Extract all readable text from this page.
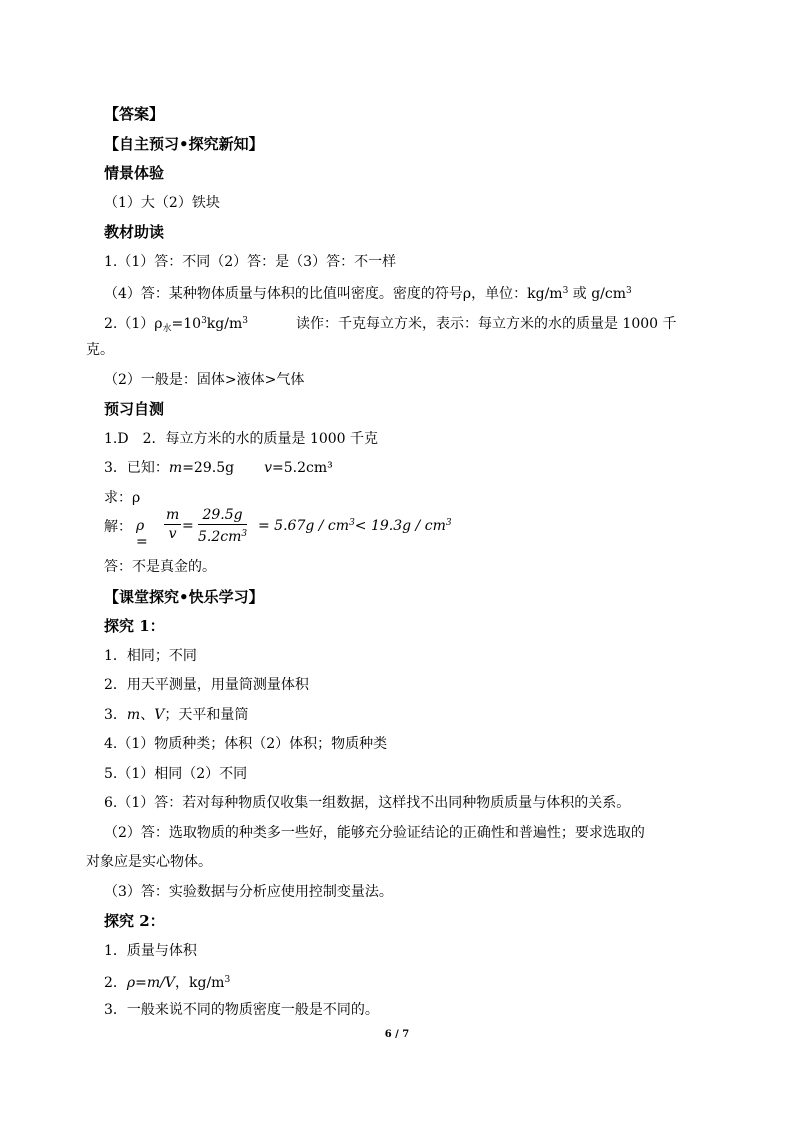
【答案】
【自主预习•探究新知】
情景体验
（1）大（2）铁块
教材助读
1.（1）答：不同（2）答：是（3）答：不一样
（4）答：某种物体质量与体积的比值叫密度。密度的符号ρ，单位：$kg/m^3$ 或 $g/cm^3$
$2.(1)\rho_水=10^3kg/m^3$	读作：千克每立方米，表示：每立方米的水的质量是 1000 千
克。
（2）一般是：固体>液体>气体
预习自测
1.D　2．每立方米的水的质量是 1000 千克
3．已知：m=29.5g v=5.2cm³
求：ρ
解： $\rho = \frac{m}{v} = \frac{29.5g}{5.2cm^3} = 5.67g / cm^3< 19.3g / cm^3$
答：不是真金的。
【课堂探究•快乐学习】
探究 1：
1．相同；不同
2．用天平测量，用量筒测量体积
3．m、V；天平和量筒
4.（1）物质种类；体积（2）体积；物质种类
5.（1）相同（2）不同
6.（1）答：若对每种物质仅收集一组数据，这样找不出同种物质质量与体积的关系。
（2）答：选取物质的种类多一些好，能够充分验证结论的正确性和普遍性；要求选取的
对象应是实心物体。
（3）答：实验数据与分析应使用控制变量法。
探究 2：
1．质量与体积
2．ρ=m/V，$kg/m^3$
3．一般来说不同的物质密度一般是不同的。
6 / 7
